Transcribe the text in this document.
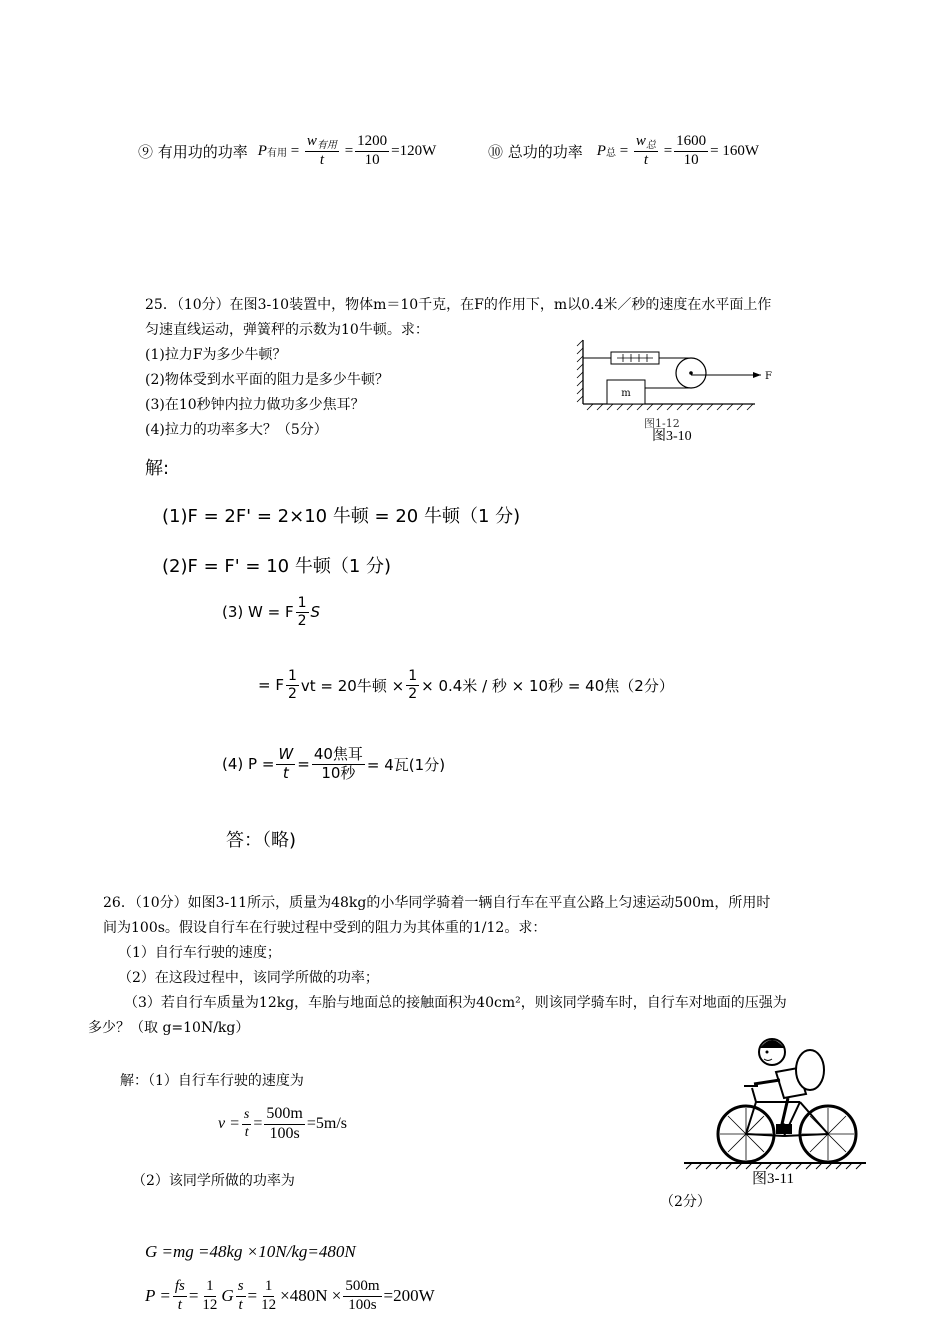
⑨ 有用功的功率 P 有用 = $\frac{w_{有用}}{t} = \frac{1200}{10} =120W$	⑩ 总功的功率 P 总 = $\frac{w_总}{t} = \frac{1600}{10} = 160W$
25．（10分）在图3-10装置中，物体m＝10千克，在F的作用下，m以0.4米／秒的速度在水平面上作
匀速直线运动，弹簧秤的示数为10牛顿。求：
(1)拉力F为多少牛顿？
(2)物体受到水平面的阻力是多少牛顿？
(3)在10秒钟内拉力做功多少焦耳？
(4)拉力的功率多大？（5分）
m
F
图1-12
图3-10
解:
(1)F = 2F' = 2×10 牛顿 = 20 牛顿（1 分)
(2)F = F' = 10 牛顿（1 分)
(3) W = F $\frac{1}{2}$ S
= F $\frac{1}{2}$ vt = 20牛顿 × $\frac{1}{2} \times 0.4$米 / 秒 × 10秒 = 40焦（2分）
(4) $P = \frac{W}{t} = \frac{\text{40焦耳}}{\text{10秒}} = 4$瓦(1分)
答：（略)
26．（10分）如图3-11所示，质量为48kg的小华同学骑着一辆自行车在平直公路上匀速运动500m，所用时
间为100s。假设自行车在行驶过程中受到的阻力为其体重的1/12。求：
（1）自行车行驶的速度；
（2）在这段过程中，该同学所做的功率；
（3）若自行车质量为12kg，车胎与地面总的接触面积为40cm²，则该同学骑车时，自行车对地面的压强为
多少？（取 g=10N/kg）
解：（1）自行车行驶的速度为
$v = \frac{s}{t} = \frac{500m}{100s} =5m/s$
（2）该同学所做的功率为	图3-11
（2分）
G =mg =48kg ×10N/kg=480N
$P = \frac{fs}{t} = \frac{1}{12}$ G $\frac{s}{t} = \frac{1}{12} \times 480N \times \frac{500m}{100s} =200W$
